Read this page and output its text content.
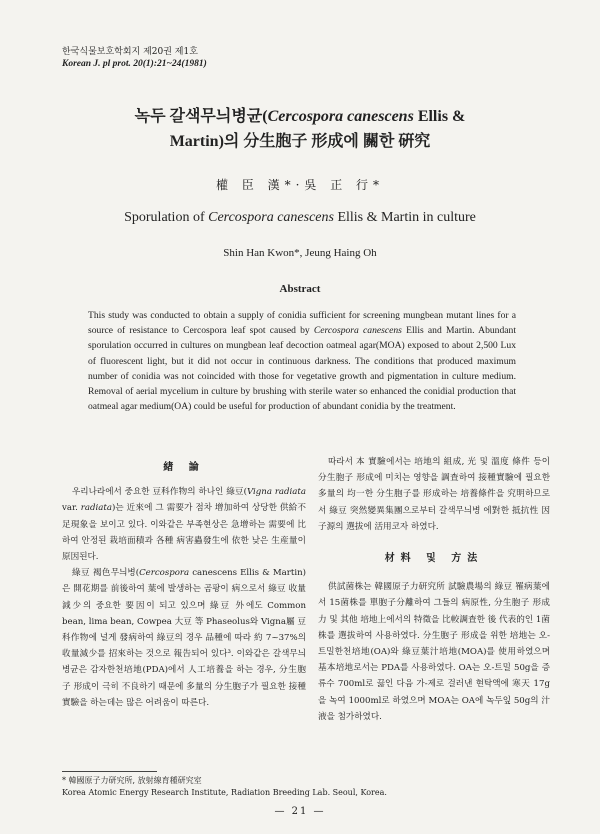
한국식물보호학회지 제20권 제1호
Korean J. pl prot. 20(1):21~24(1981)
녹두 갈색무늬병균(Cercospora canescens Ellis &
Martin)의 分生胞子 形成에 關한 硏究
權 臣 漢*·吳 正 行*
Sporulation of Cercospora canescens Ellis & Martin in culture
Shin Han Kwon*, Jeung Haing Oh
Abstract
This study was conducted to obtain a supply of conidia sufficient for screening mungbean mutant lines for a source of resistance to Cercospora leaf spot caused by Cercospora canescens Ellis and Martin. Abundant sporulation occurred in cultures on mungbean leaf decoction oatmeal agar(MOA) exposed to about 2,500 Lux of fluorescent light, but it did not occur in continuous darkness. The conditions that produced maximum number of conidia was not coincided with those for vegetative growth and pigmentation in culture medium. Removal of aerial mycelium in culture by brushing with sterile water so enhanced the conidial production that oatmeal agar medium(OA) could be useful for production of abundant conidia by the treatment.
緖 論

우리나라에서 중요한 豆科作物의 하나인 綠豆(Vigna radiata var. radiata)는 近來에 그 需要가 점차 增加하여 상당한 供給不足現象을 보이고 있다. 이와같은 부족현상은 急增하는 需要에 比하여 안정된 栽培面積과 各種 病害蟲發生에 依한 낮은 生産量이 原因된다.

綠豆 褐色무늬병(Cercospora canescens Ellis & Martin)은 開花期를 前後하여 葉에 발생하는 곰팡이 病으로서 綠豆 收量減少의 중요한 要因이 되고 있으며 綠豆 外에도 Common bean, lima bean, Cowpea 大豆 等 Phaseolus와 Vigna屬 豆科作物에 널게 發病하여 綠豆의 경우 品種에 따라 約 7~37%의 收量減少를 招來하는 것으로 報告되어 있다³. 이와같은 갈색무늬병균은 감자한천培地(PDA)에서 人工培養을 하는 경우, 分生胞子 形成이 극히 不良하기 때문에 多量의 分生胞子가 필요한 接種實驗을 하는데는 많은 어려움이 따른다.

따라서 本 實驗에서는 培地의 組成, 光 및 溫度 條件 등이 分生胞子 形成에 미치는 영향을 調査하여 接種實驗에 필요한 多量의 均一한 分生胞子를 形成하는 培養條件을 究明하므로서 綠豆 突然變異集團으로부터 갈색무늬병 에對한 抵抗性 因子源의 選拔에 活用코자 하였다.

材料 및 方法

供試菌株는 韓國原子力研究所 試驗農場의 綠豆 罹病葉에서 15菌株를 單胞子分離하여 그들의 病原性, 分生胞子 形成力 및 其他 培地上에서의 特徵을 比較調査한 後 代表的인 1菌株를 選拔하여 사용하였다. 分生胞子 形成을 위한 培地는 오-트밀한천培地(OA)와 綠豆葉汁培地(MOA)를 使用하였으며 基本培地로서는 PDA를 사용하였다. OA는 오-트밀 50g을 증류수 700ml로 끓인 다음 가-제로 걸러낸 현탁액에 寒天 17g을 녹여 1000ml로 하였으며 MOA는 OA에 녹두잎 50g의 汁液을 첨가하였다.

* 韓國原子力研究所, 放射線育種研究室
Korea Atomic Energy Research Institute, Radiation Breeding Lab. Seoul, Korea.
— 21 —
